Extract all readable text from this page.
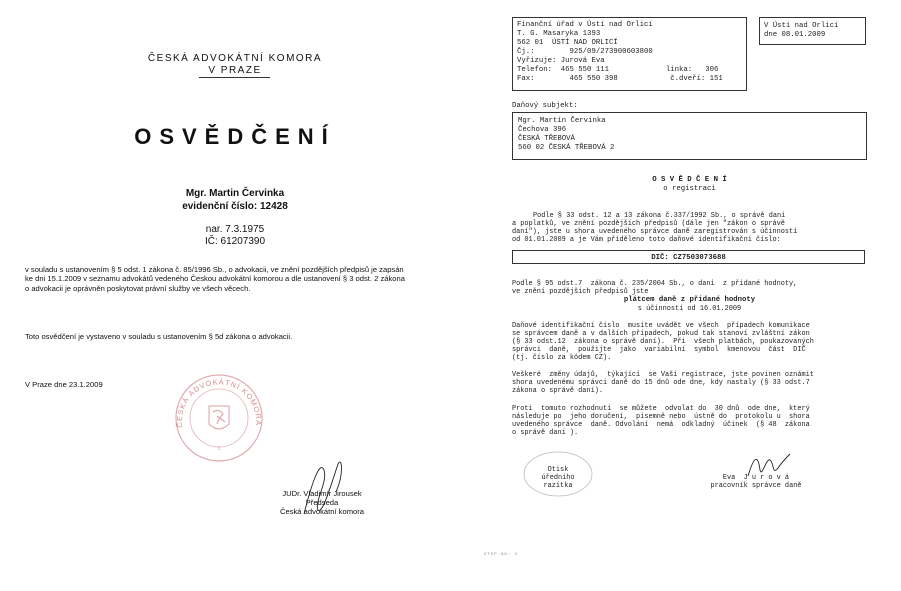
ČESKÁ ADVOKÁTNÍ KOMORA
V PRAZE
OSVĚDČENÍ
Mgr. Martin Červinka
evidenční číslo: 12428
nar. 7.3.1975
IČ: 61207390
v souladu s ustanovením § 5 odst. 1 zákona č. 85/1996 Sb., o advokacii, ve znění pozdějších předpisů je zapsán ke dni 15.1.2009 v seznamu advokátů vedeného Českou advokátní komorou a dle ustanovení § 3 odst. 2 zákona o advokacii je oprávněn poskytovat právní služby ve všech věcech.
Toto osvědčení je vystaveno v souladu s ustanovením § 5d zákona o advokacii.
V Praze dne 23.1.2009
ČESKÁ ADVOKÁTNÍ KOMORA
1
JUDr. Vladimír Jirousek
Předseda
Česká advokátní komora
Finanční úřad v Ústí nad Orlicí
T. G. Masaryka 1393
562 01  ÚSTÍ NAD ORLICÍ
Čj.:        925/09/273900603800
Vyřizuje: Jurová Eva
Telefon:  465 550 111             linka:   306
Fax:        465 550 398            č.dveří: 151
V Ústí nad Orlicí
dne 08.01.2009
Daňový subjekt:
Mgr. Martin Červinka
Čechova 396
ČESKÁ TŘEBOVÁ
560 02 ČESKÁ TŘEBOVÁ 2
O S V Ě D Č E N Í
o registraci
Podle § 33 odst. 12 a 13 zákona č.337/1992 Sb., o správě daní
a poplatků, ve znění pozdějších předpisů (dále jen "zákon o správě
daní"), jste u shora uvedeného správce daně zaregistrován s účinností
od 01.01.2009 a je Vám přiděleno toto daňové identifikační číslo:
DIČ: CZ7503073688
Podle § 95 odst.7  zákona č. 235/2004 Sb., o dani  z přidané hodnoty,
ve znění pozdějších předpisů jste
plátcem daně z přidané hodnoty
s účinností od 16.01.2009
Daňové identifikační číslo  musíte uvádět ve všech  případech komunikace
se správcem daně a v dalších případech, pokud tak stanoví zvláštní zákon
(§ 33 odst.12  zákona o správě daní).  Při  všech platbách, poukazovaných
správci  daně,  použijte  jako  variabilní  symbol  kmenovou  část  DIČ
(tj. číslo za kódem CZ).
Veškeré  změny údajů,  týkající  se Vaší registrace, jste povinen oznámit
shora uvedenému správci daně do 15 dnů ode dne, kdy nastaly (§ 33 odst.7
zákona o správě daní).
Proti  tomuto rozhodnutí  se můžete  odvolat do  30 dnů  ode dne,  který
následuje po  jeho doručení,  písemně nebo  ústně do  protokolu u  shora
uvedeného správce  daně. Odvolání  nemá  odkladný  účinek  (§ 48  zákona
o správě daní ).
Otisk
úředního
razítka
Eva  J u r o v á
pracovník správce daně
STOP NO: 2
